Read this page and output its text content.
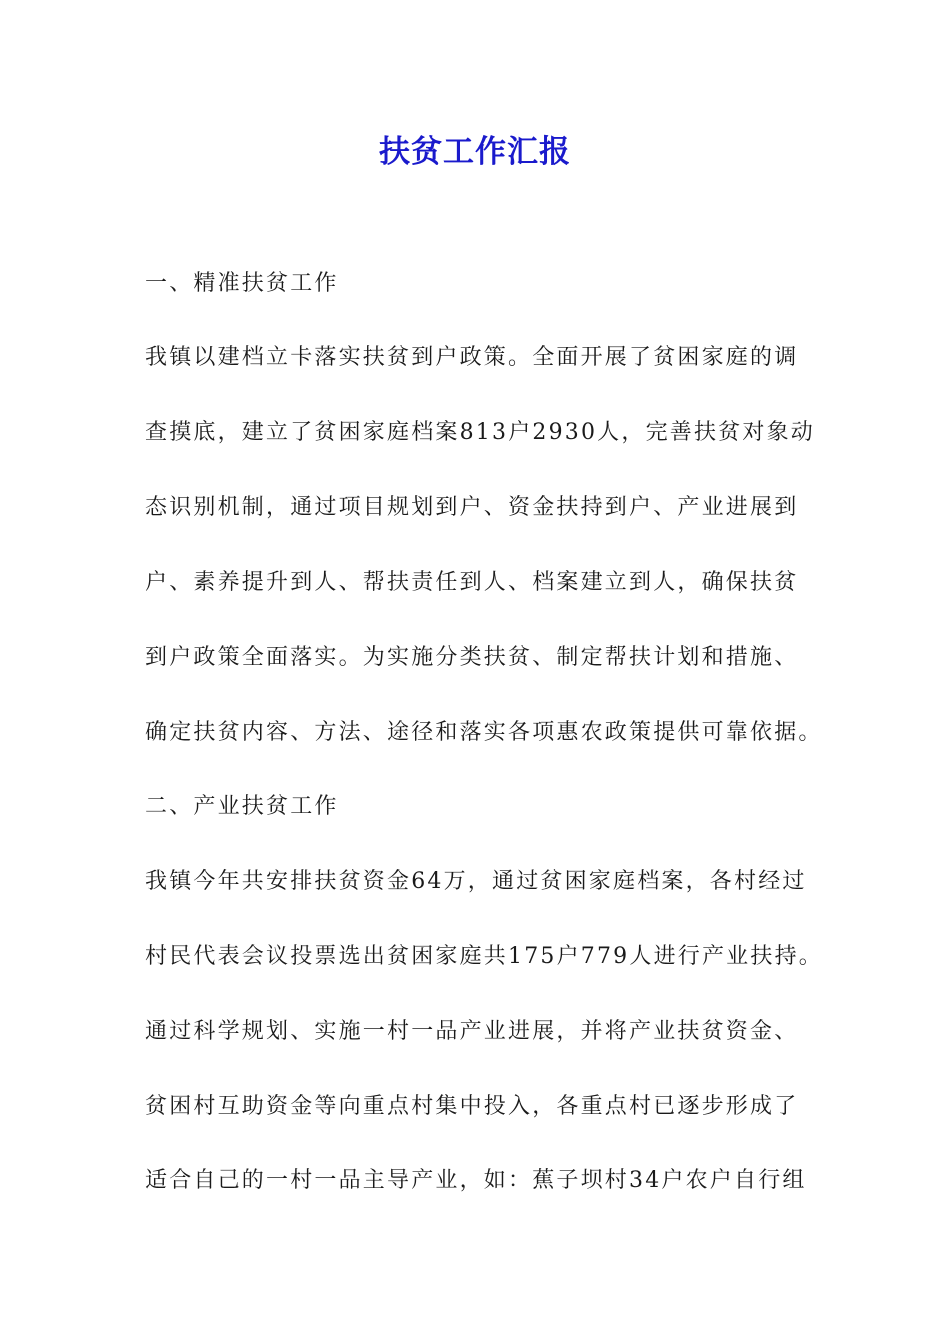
扶贫工作汇报

一、精准扶贫工作

我镇以建档立卡落实扶贫到户政策。全面开展了贫困家庭的调

查摸底，建立了贫困家庭档案813户2930人，完善扶贫对象动

态识别机制，通过项目规划到户、资金扶持到户、产业进展到

户、素养提升到人、帮扶责任到人、档案建立到人，确保扶贫

到户政策全面落实。为实施分类扶贫、制定帮扶计划和措施、

确定扶贫内容、方法、途径和落实各项惠农政策提供可靠依据。

二、产业扶贫工作

我镇今年共安排扶贫资金64万，通过贫困家庭档案，各村经过

村民代表会议投票选出贫困家庭共175户779人进行产业扶持。

通过科学规划、实施一村一品产业进展，并将产业扶贫资金、

贫困村互助资金等向重点村集中投入，各重点村已逐步形成了

适合自己的一村一品主导产业，如：蕉子坝村34户农户自行组
